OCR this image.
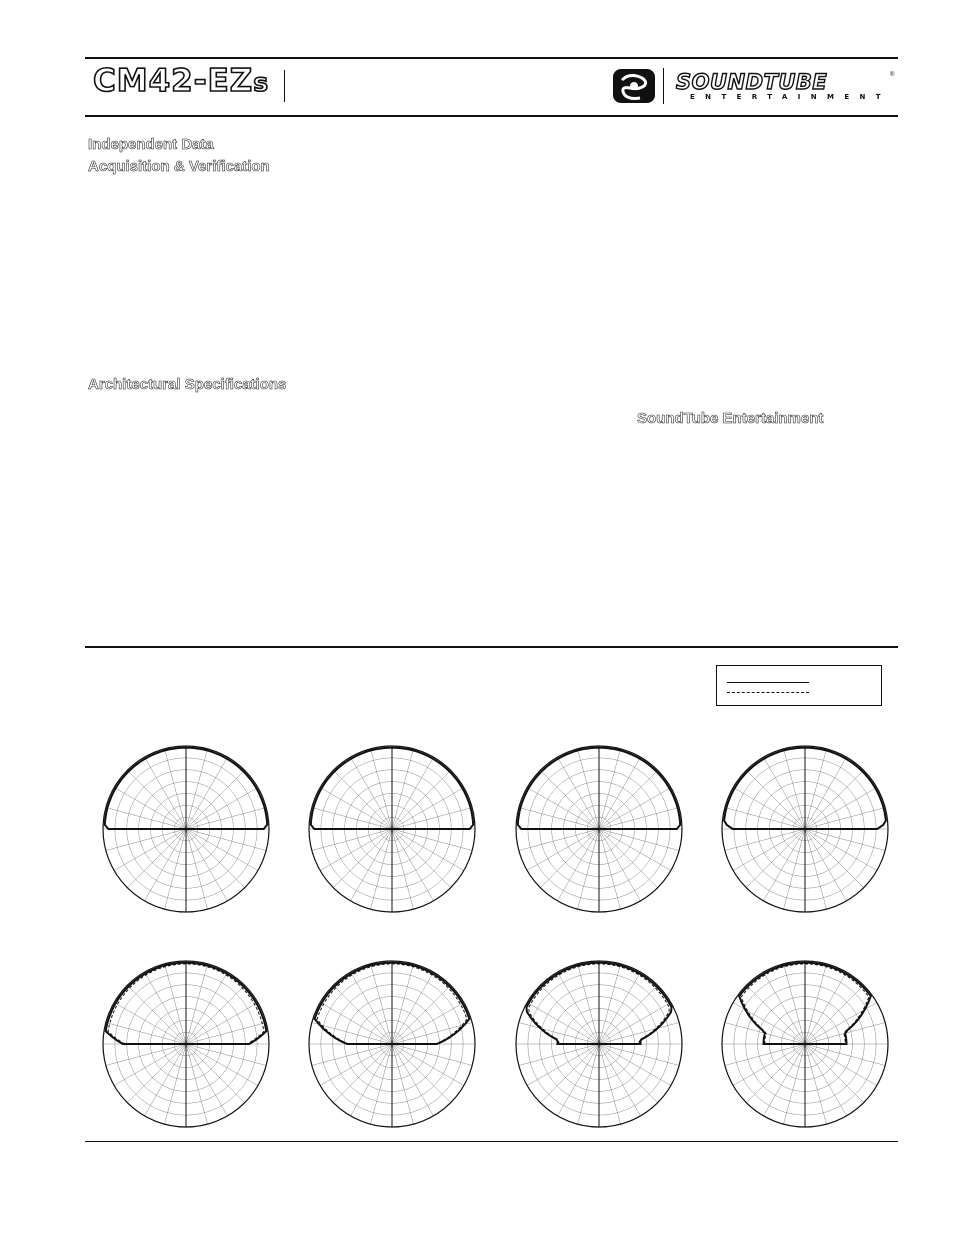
CM42-EZs	SOUNDTUBE	®
ENTERTAINMENT
Independent Data
Acquisition & Verification
Architectural Specifications
SoundTube Entertainment
